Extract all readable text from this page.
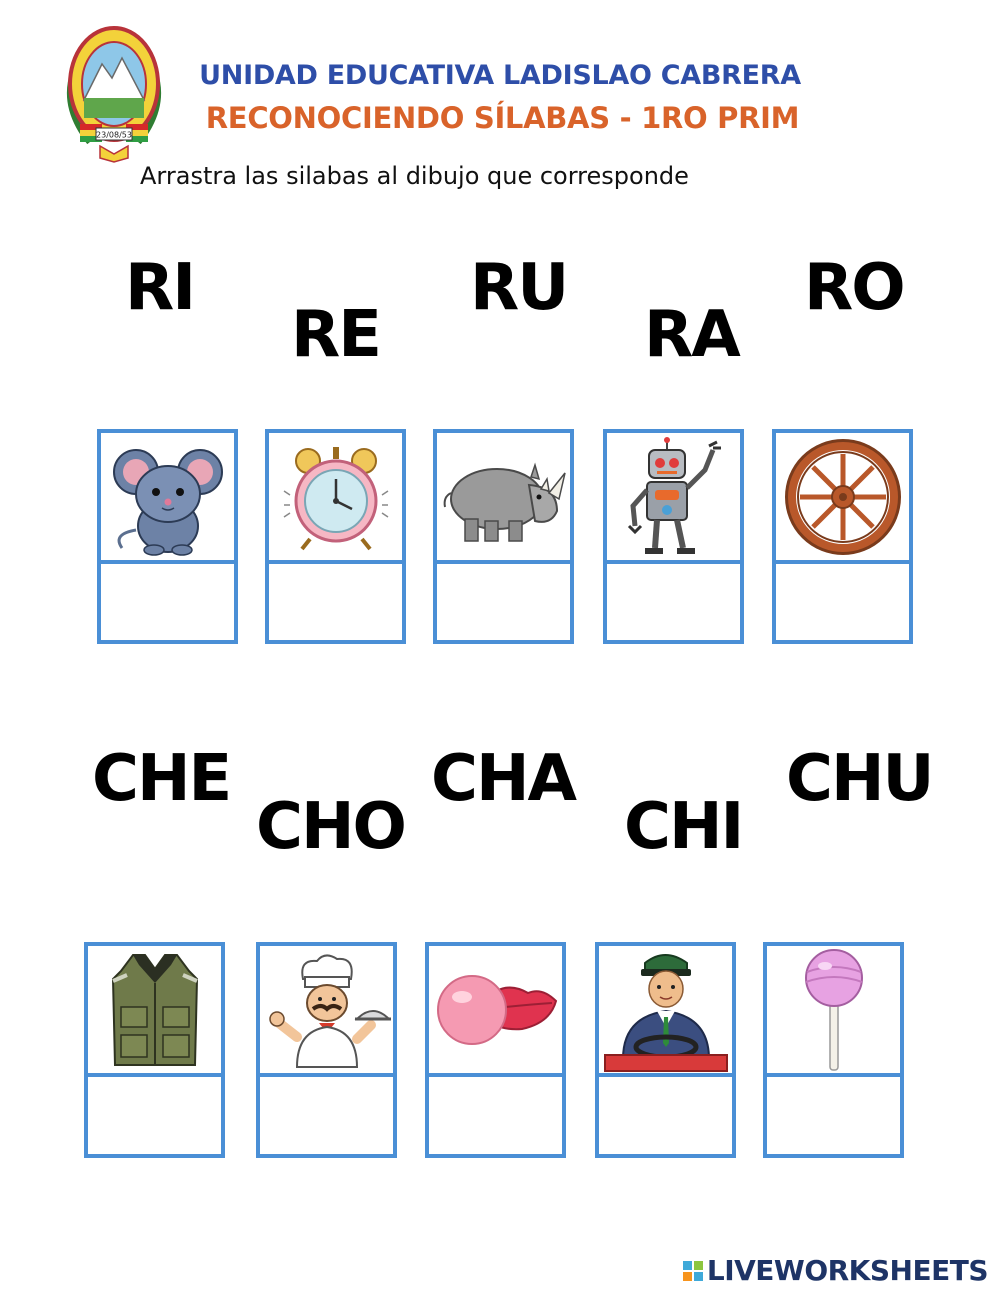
23/08/53
UNIDAD EDUCATIVA LADISLAO CABRERA
RECONOCIENDO SÍLABAS - 1RO PRIM
Arrastra las silabas al dibujo que corresponde
RI
RE
RU
RA
RO
CHE
CHO
CHA
CHI
CHU
LIVEWORKSHEETS
